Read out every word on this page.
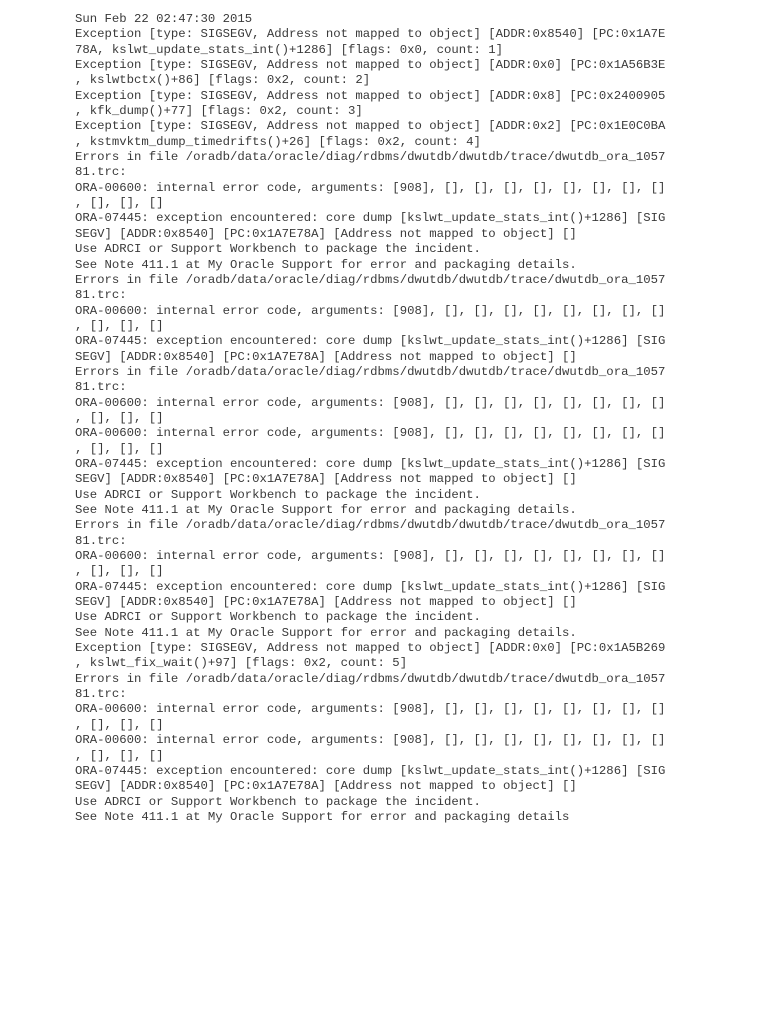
Sun Feb 22 02:47:30 2015
Exception [type: SIGSEGV, Address not mapped to object] [ADDR:0x8540] [PC:0x1A7E
78A, kslwt_update_stats_int()+1286] [flags: 0x0, count: 1]
Exception [type: SIGSEGV, Address not mapped to object] [ADDR:0x0] [PC:0x1A56B3E
, kslwtbctx()+86] [flags: 0x2, count: 2]
Exception [type: SIGSEGV, Address not mapped to object] [ADDR:0x8] [PC:0x2400905
, kfk_dump()+77] [flags: 0x2, count: 3]
Exception [type: SIGSEGV, Address not mapped to object] [ADDR:0x2] [PC:0x1E0C0BA
, kstmvktm_dump_timedrifts()+26] [flags: 0x2, count: 4]
Errors in file /oradb/data/oracle/diag/rdbms/dwutdb/dwutdb/trace/dwutdb_ora_1057
81.trc:
ORA-00600: internal error code, arguments: [908], [], [], [], [], [], [], [], []
, [], [], []
ORA-07445: exception encountered: core dump [kslwt_update_stats_int()+1286] [SIG
SEGV] [ADDR:0x8540] [PC:0x1A7E78A] [Address not mapped to object] []
Use ADRCI or Support Workbench to package the incident.
See Note 411.1 at My Oracle Support for error and packaging details.
Errors in file /oradb/data/oracle/diag/rdbms/dwutdb/dwutdb/trace/dwutdb_ora_1057
81.trc:
ORA-00600: internal error code, arguments: [908], [], [], [], [], [], [], [], []
, [], [], []
ORA-07445: exception encountered: core dump [kslwt_update_stats_int()+1286] [SIG
SEGV] [ADDR:0x8540] [PC:0x1A7E78A] [Address not mapped to object] []
Errors in file /oradb/data/oracle/diag/rdbms/dwutdb/dwutdb/trace/dwutdb_ora_1057
81.trc:
ORA-00600: internal error code, arguments: [908], [], [], [], [], [], [], [], []
, [], [], []
ORA-00600: internal error code, arguments: [908], [], [], [], [], [], [], [], []
, [], [], []
ORA-07445: exception encountered: core dump [kslwt_update_stats_int()+1286] [SIG
SEGV] [ADDR:0x8540] [PC:0x1A7E78A] [Address not mapped to object] []
Use ADRCI or Support Workbench to package the incident.
See Note 411.1 at My Oracle Support for error and packaging details.
Errors in file /oradb/data/oracle/diag/rdbms/dwutdb/dwutdb/trace/dwutdb_ora_1057
81.trc:
ORA-00600: internal error code, arguments: [908], [], [], [], [], [], [], [], []
, [], [], []
ORA-07445: exception encountered: core dump [kslwt_update_stats_int()+1286] [SIG
SEGV] [ADDR:0x8540] [PC:0x1A7E78A] [Address not mapped to object] []
Use ADRCI or Support Workbench to package the incident.
See Note 411.1 at My Oracle Support for error and packaging details.
Exception [type: SIGSEGV, Address not mapped to object] [ADDR:0x0] [PC:0x1A5B269
, kslwt_fix_wait()+97] [flags: 0x2, count: 5]
Errors in file /oradb/data/oracle/diag/rdbms/dwutdb/dwutdb/trace/dwutdb_ora_1057
81.trc:
ORA-00600: internal error code, arguments: [908], [], [], [], [], [], [], [], []
, [], [], []
ORA-00600: internal error code, arguments: [908], [], [], [], [], [], [], [], []
, [], [], []
ORA-07445: exception encountered: core dump [kslwt_update_stats_int()+1286] [SIG
SEGV] [ADDR:0x8540] [PC:0x1A7E78A] [Address not mapped to object] []
Use ADRCI or Support Workbench to package the incident.
See Note 411.1 at My Oracle Support for error and packaging details
